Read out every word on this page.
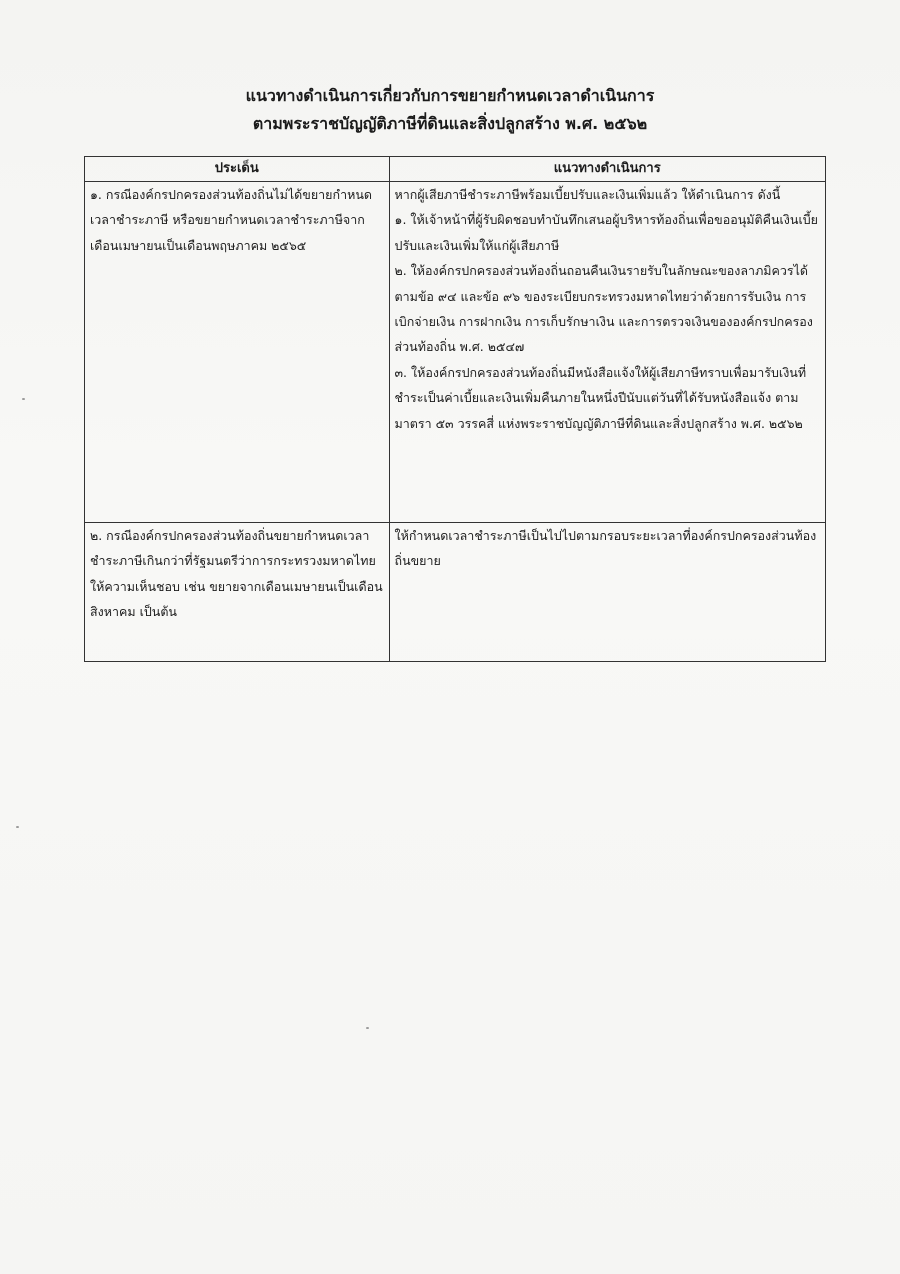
แนวทางดำเนินการเกี่ยวกับการขยายกำหนดเวลาดำเนินการ
ตามพระราชบัญญัติภาษีที่ดินและสิ่งปลูกสร้าง พ.ศ. ๒๕๖๒
ประเด็น	แนวทางดำเนินการ

๑. กรณีองค์กรปกครองส่วนท้องถิ่นไม่ได้ขยายกำหนดเวลาชำระภาษี หรือขยายกำหนดเวลาชำระภาษีจากเดือนเมษายนเป็นเดือนพฤษภาคม ๒๕๖๕	หากผู้เสียภาษีชำระภาษีพร้อมเบี้ยปรับและเงินเพิ่มแล้ว ให้ดำเนินการ ดังนี้
๑. ให้เจ้าหน้าที่ผู้รับผิดชอบทำบันทึกเสนอผู้บริหารท้องถิ่นเพื่อขออนุมัติคืนเงินเบี้ยปรับและเงินเพิ่มให้แก่ผู้เสียภาษี
๒. ให้องค์กรปกครองส่วนท้องถิ่นถอนคืนเงินรายรับในลักษณะของลาภมิควรได้ ตามข้อ ๙๔ และข้อ ๙๖ ของระเบียบกระทรวงมหาดไทยว่าด้วยการรับเงิน การเบิกจ่ายเงิน การฝากเงิน การเก็บรักษาเงิน และการตรวจเงินขององค์กรปกครองส่วนท้องถิ่น พ.ศ. ๒๕๔๗
๓. ให้องค์กรปกครองส่วนท้องถิ่นมีหนังสือแจ้งให้ผู้เสียภาษีทราบเพื่อมารับเงินที่ชำระเป็นค่าเบี้ยและเงินเพิ่มคืนภายในหนึ่งปีนับแต่วันที่ได้รับหนังสือแจ้ง ตามมาตรา ๕๓ วรรคสี่ แห่งพระราชบัญญัติภาษีที่ดินและสิ่งปลูกสร้าง พ.ศ. ๒๕๖๒

๒. กรณีองค์กรปกครองส่วนท้องถิ่นขยายกำหนดเวลาชำระภาษีเกินกว่าที่รัฐมนตรีว่าการกระทรวงมหาดไทยให้ความเห็นชอบ เช่น ขยายจากเดือนเมษายนเป็นเดือนสิงหาคม เป็นต้น	ให้กำหนดเวลาชำระภาษีเป็นไปไปตามกรอบระยะเวลาที่องค์กรปกครองส่วนท้องถิ่นขยาย
